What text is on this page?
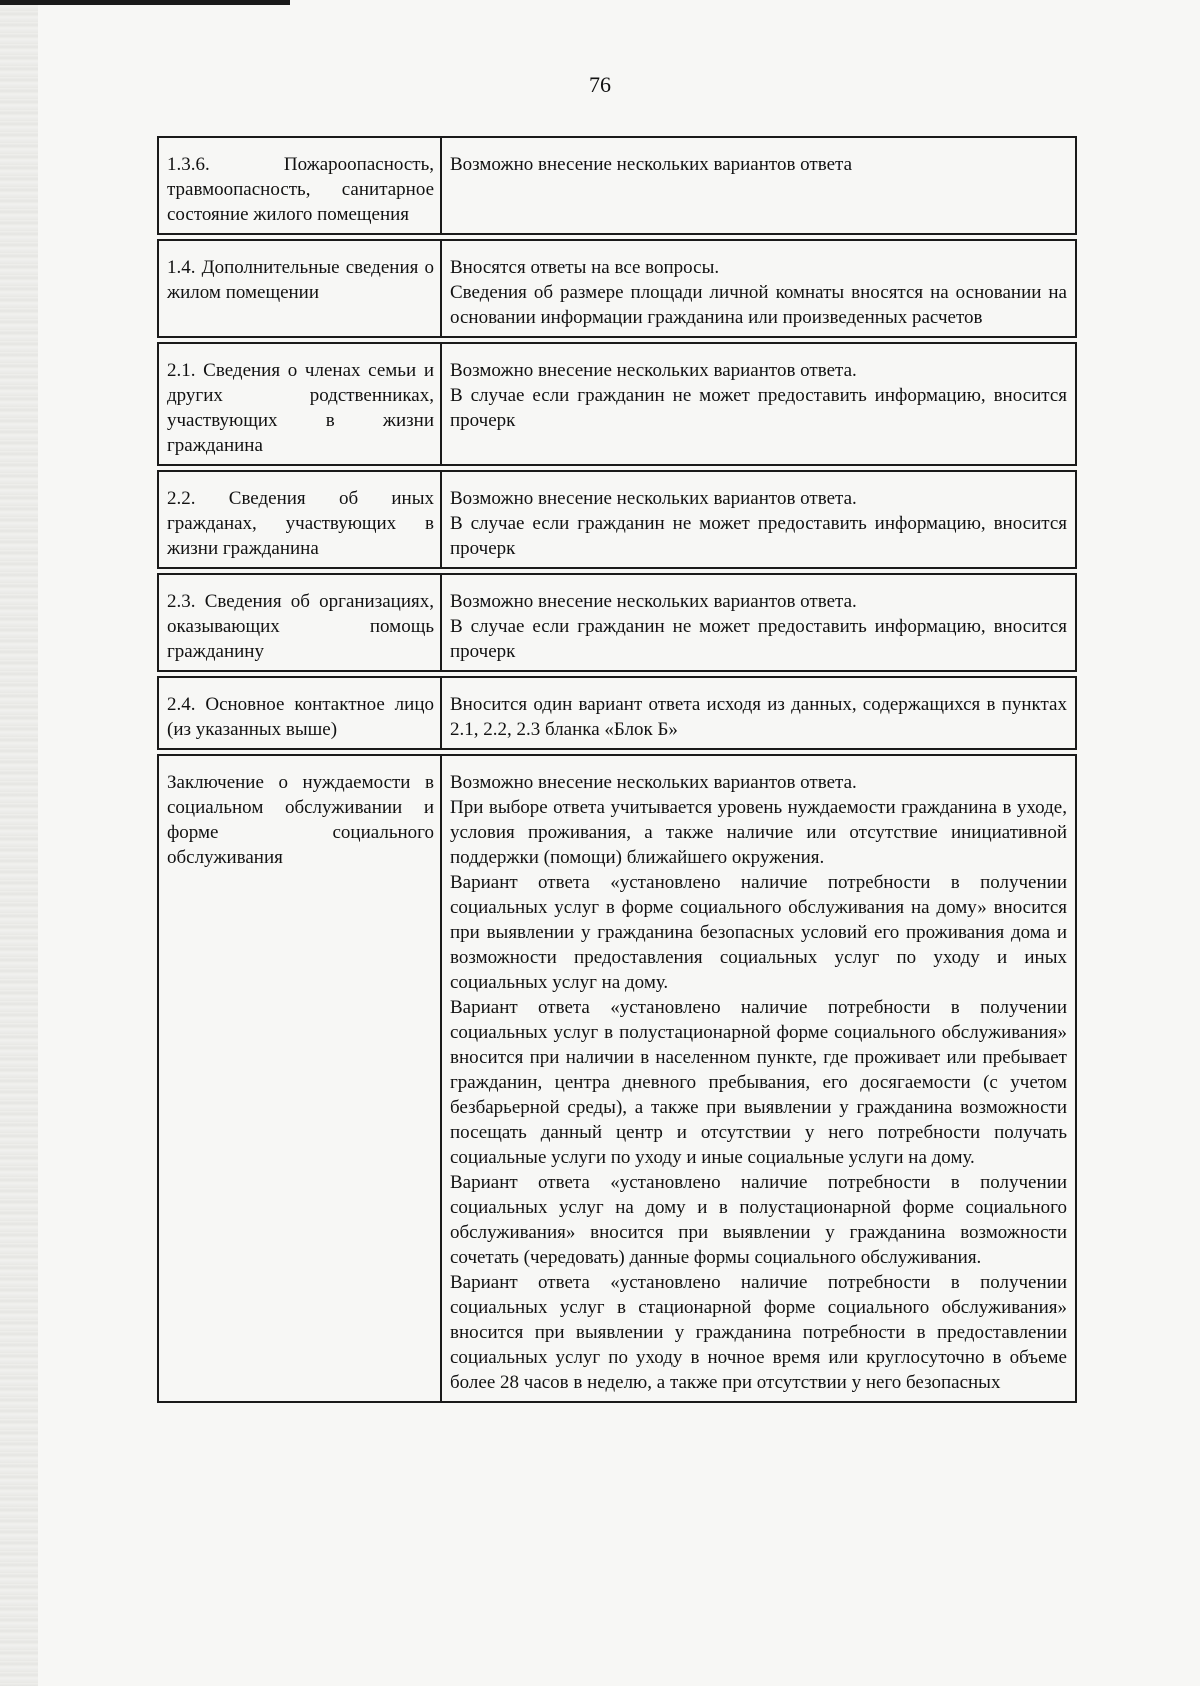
76
1.3.6. Пожароопасность, травмоопасность, санитарное состояние жилого помещения

Возможно внесение нескольких вариантов ответа

1.4. Дополнительные сведения о жилом помещении

Вносятся ответы на все вопросы.

Сведения об размере площади личной комнаты вносятся на основании на основании информации гражданина или произведенных расчетов

2.1. Сведения о членах семьи и других родственниках, участвующих в жизни гражданина

Возможно внесение нескольких вариантов ответа.

В случае если гражданин не может предоставить информацию, вносится прочерк

2.2. Сведения об иных гражданах, участвующих в жизни гражданина

Возможно внесение нескольких вариантов ответа.

В случае если гражданин не может предоставить информацию, вносится прочерк

2.3. Сведения об организациях, оказывающих помощь гражданину

Возможно внесение нескольких вариантов ответа.

В случае если гражданин не может предоставить информацию, вносится прочерк

2.4. Основное контактное лицо (из указанных выше)

Вносится один вариант ответа исходя из данных, содержащихся в пунктах 2.1, 2.2, 2.3 бланка «Блок Б»

Заключение о нуждаемости в социальном обслуживании и форме социального обслуживания

Возможно внесение нескольких вариантов ответа.

При выборе ответа учитывается уровень нуждаемости гражданина в уходе, условия проживания, а также наличие или отсутствие инициативной поддержки (помощи) ближайшего окружения.

Вариант ответа «установлено наличие потребности в получении социальных услуг в форме социального обслуживания на дому» вносится при выявлении у гражданина безопасных условий его проживания дома и возможности предоставления социальных услуг по уходу и иных социальных услуг на дому.

Вариант ответа «установлено наличие потребности в получении социальных услуг в полустационарной форме социального обслуживания» вносится при наличии в населенном пункте, где проживает или пребывает гражданин, центра дневного пребывания, его досягаемости (с учетом безбарьерной среды), а также при выявлении у гражданина возможности посещать данный центр и отсутствии у него потребности получать социальные услуги по уходу и иные социальные услуги на дому.

Вариант ответа «установлено наличие потребности в получении социальных услуг на дому и в полустационарной форме социального обслуживания» вносится при выявлении у гражданина возможности сочетать (чередовать) данные формы социального обслуживания.

Вариант ответа «установлено наличие потребности в получении социальных услуг в стационарной форме социального обслуживания» вносится при выявлении у гражданина потребности в предоставлении социальных услуг по уходу в ночное время или круглосуточно в объеме более 28 часов в неделю, а также при отсутствии у него безопасных
